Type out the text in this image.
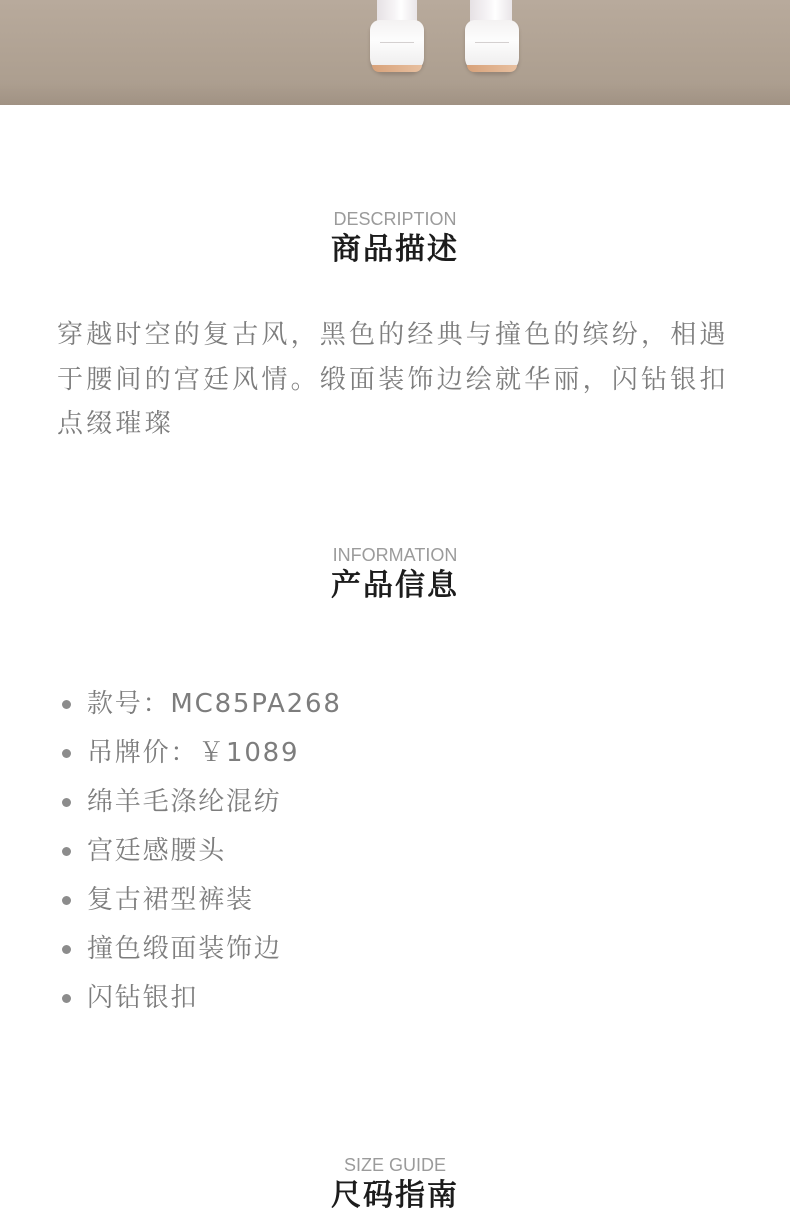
DESCRIPTION
商品描述

穿越时空的复古风，黑色的经典与撞色的缤纷，相遇于腰间的宫廷风情。缎面装饰边绘就华丽，闪钻银扣点缀璀璨

INFORMATION
产品信息
款号：MC85PA268
吊牌价：￥1089
绵羊毛涤纶混纺
宫廷感腰头
复古裙型裤装
撞色缎面装饰边
闪钻银扣
SIZE GUIDE
尺码指南
